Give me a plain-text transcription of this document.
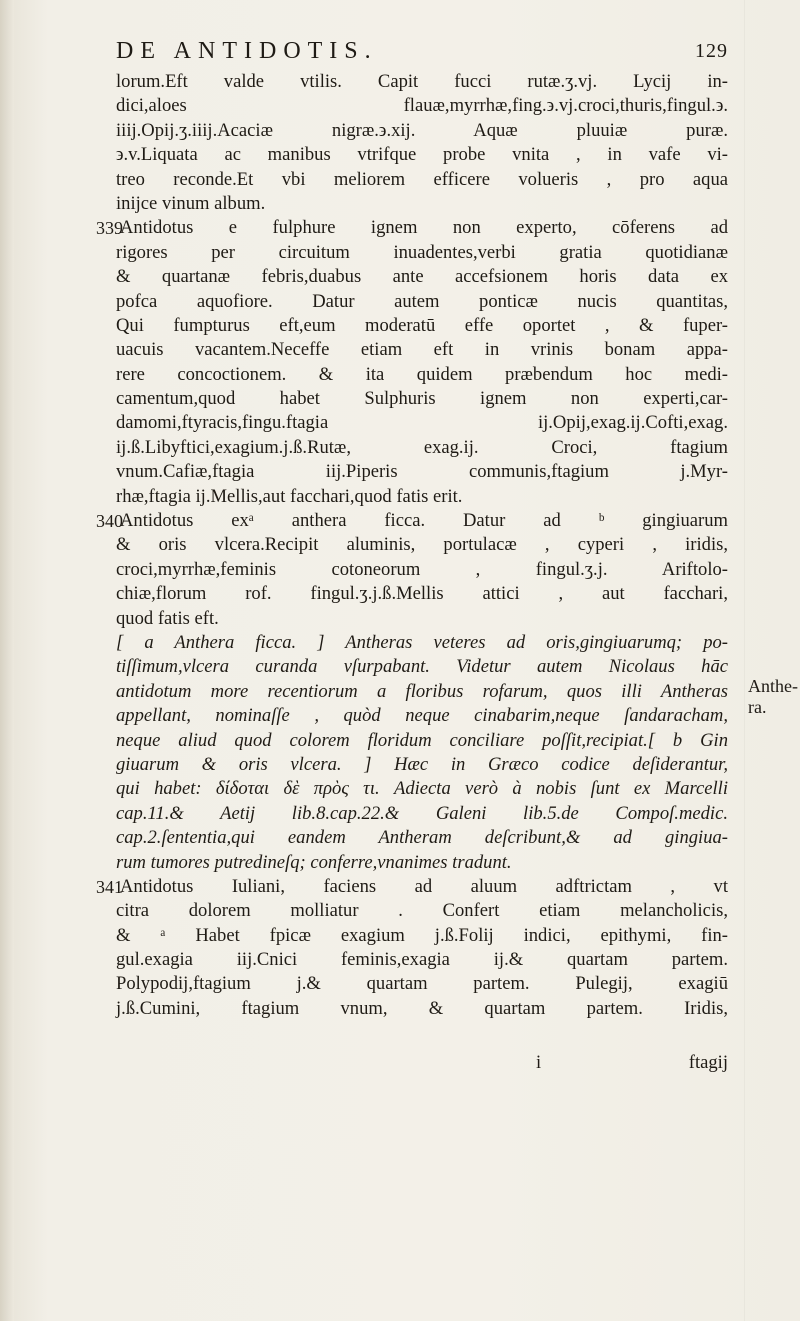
DE ANTIDOTIS.	129
lorum.Eft valde vtilis. Capit fucci rutæ.ʒ.vj. Lycij in-
dici,aloes flauæ,myrrhæ,fing.϶.vj.croci,thuris,fingul.϶.
iiij.Opij.ʒ.iiij.Acaciæ nigræ.϶.xij. Aquæ pluuiæ puræ.
϶.v.Liquata ac manibus vtrifque probe vnita , in vafe vi-
treo reconde.Et vbi meliorem efficere volueris , pro aqua
inijce vinum album.
339
Antidotus e fulphure ignem non experto, cōferens ad
rigores per circuitum inuadentes,verbi gratia quotidianæ
& quartanæ febris,duabus ante accefsionem horis data ex
pofca aquofiore. Datur autem ponticæ nucis quantitas,
Qui fumpturus eft,eum moderatū effe oportet , & fuper-
uacuis vacantem.Neceffe etiam eft in vrinis bonam appa-
rere concoctionem. & ita quidem præbendum hoc medi-
camentum,quod habet Sulphuris ignem non experti,car-
damomi,ftyracis,fingu.ftagia ij.Opij,exag.ij.Cofti,exag.
ij.ß.Libyftici,exagium.j.ß.Rutæ, exag.ij. Croci, ftagium
vnum.Cafiæ,ftagia iij.Piperis communis,ftagium j.Myr-
rhæ,ftagia ij.Mellis,aut facchari,quod fatis erit.
340
Antidotus exᵃ anthera ficca. Datur ad ᵇ gingiuarum
& oris vlcera.Recipit aluminis, portulacæ , cyperi , iridis,
croci,myrrhæ,feminis cotoneorum , fingul.ʒ.j. Ariftolo-
chiæ,florum rof. fingul.ʒ.j.ß.Mellis attici , aut facchari,
quod fatis eft.
[ a Anthera ficca. ] Antheras veteres ad oris,gingiuarumq; po-
tiſſimum,vlcera curanda vſurpabant. Videtur autem Nicolaus hāc
antidotum more recentiorum a floribus rofarum, quos illi Antheras
appellant, nominaſſe , quòd neque cinabarim,neque ſandaracham,
neque aliud quod colorem floridum conciliare poſſit,recipiat.[ b Gin
giuarum & oris vlcera. ] Hæc in Græco codice deſiderantur,
qui habet: δίδοται δὲ πρὸς τι. Adiecta verò à nobis ſunt ex Marcelli
cap.11.& Aetij lib.8.cap.22.& Galeni lib.5.de Compoſ.medic.
cap.2.ſententia,qui eandem Antheram deſcribunt,& ad gingiua-
rum tumores putredineſq; conferre,vnanimes tradunt.
341
Antidotus Iuliani, faciens ad aluum adftrictam , vt
citra dolorem molliatur . Confert etiam melancholicis,
& ᵃ Habet fpicæ exagium j.ß.Folij indici, epithymi, fin-
gul.exagia iij.Cnici feminis,exagia ij.& quartam partem.
Polypodij,ftagium j.& quartam partem. Pulegij, exagiū
j.ß.Cumini, ftagium vnum, & quartam partem. Iridis,
Anthe-
ra.
i	ftagij
